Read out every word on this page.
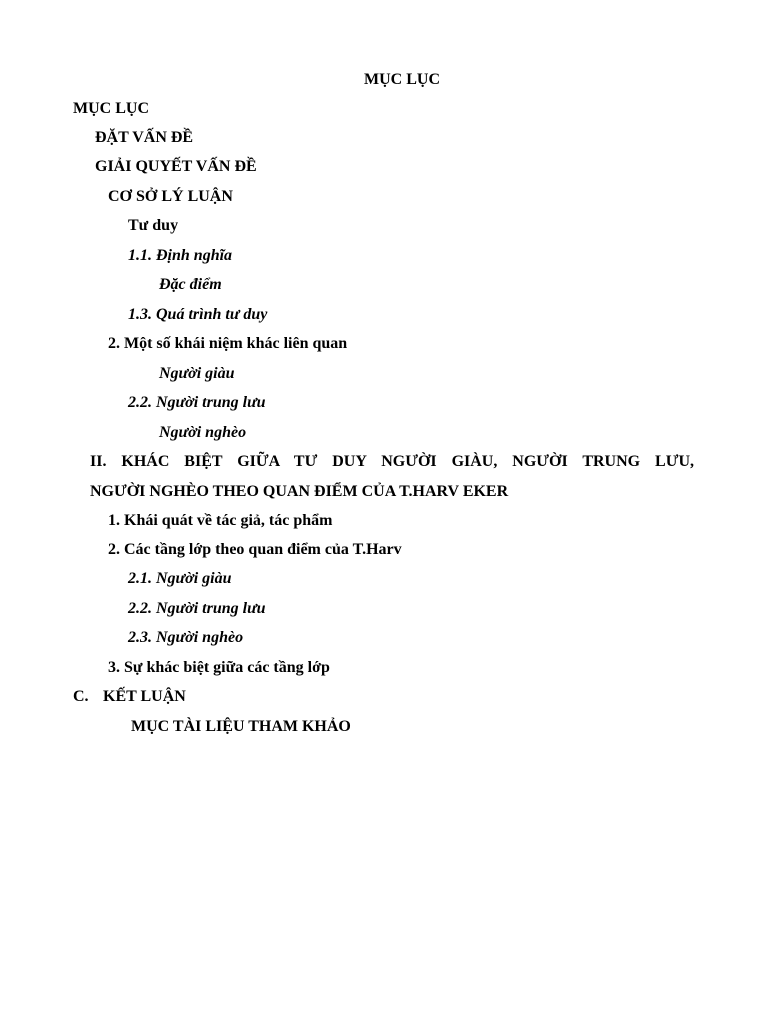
MỤC LỤC
MỤC LỤC
ĐẶT VẤN ĐỀ
GIẢI QUYẾT VẤN ĐỀ
CƠ SỞ LÝ LUẬN
Tư duy
1.1. Định nghĩa
Đặc điểm
1.3. Quá trình tư duy
2. Một số khái niệm khác liên quan
Người giàu
2.2. Người trung lưu
Người nghèo
II. KHÁC BIỆT GIỮA TƯ DUY NGƯỜI GIÀU, NGƯỜI TRUNG LƯU,
NGƯỜI NGHÈO THEO QUAN ĐIỂM CỦA T.HARV EKER
1. Khái quát về tác giả, tác phẩm
2. Các tầng lớp theo quan điểm của T.Harv
2.1. Người giàu
2.2. Người trung lưu
2.3. Người nghèo
3. Sự khác biệt giữa các tầng lớp
C. KẾT LUẬN
MỤC TÀI LIỆU THAM KHẢO
